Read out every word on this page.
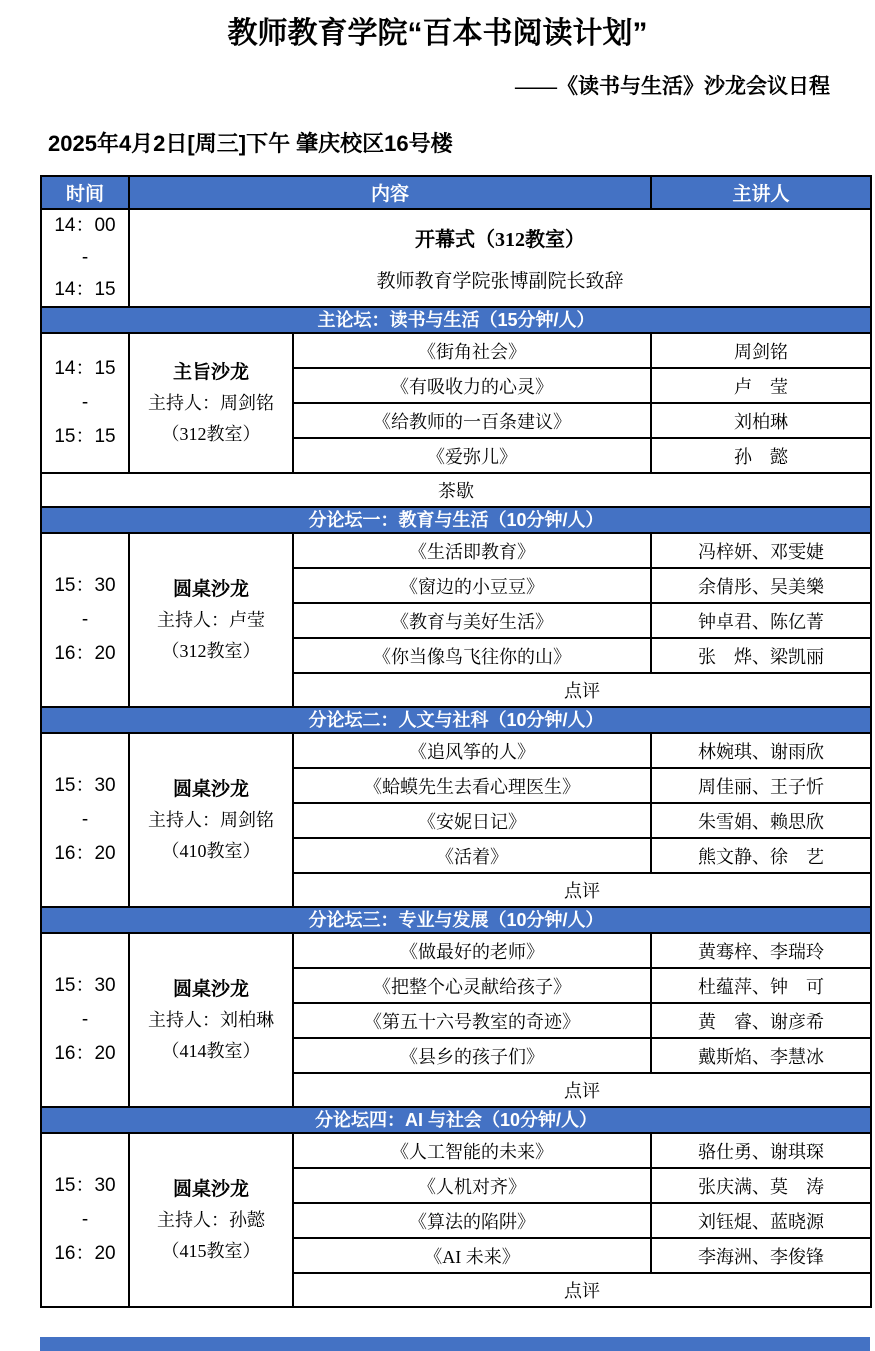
教师教育学院“百本书阅读计划”
——《读书与生活》沙龙会议日程
2025年4月2日[周三]下午 肇庆校区16号楼
时间	内容		主讲人

14：00
-
14：15

开幕式（312教室）
教师教育学院张博副院长致辞

主论坛：读书与生活（15分钟/人）			

14：15
-
15：15

主旨沙龙
主持人：周剑铭
（312教室）
	《街角社会》	周剑铭
		《有吸收力的心灵》	卢　莹
		《给教师的一百条建议》	刘柏琳
		《爱弥儿》	孙　懿
茶歇			
分论坛一：教育与生活（10分钟/人）			

15：30
-
16：20

圆桌沙龙
主持人：卢莹
（312教室）
	《生活即教育》	冯梓妍、邓雯婕
		《窗边的小豆豆》	余倩彤、吴美樂
		《教育与美好生活》	钟卓君、陈亿菁
		《你当像鸟飞往你的山》	张　烨、梁凯丽
		点评	
分论坛二：人文与社科（10分钟/人）			

15：30
-
16：20

圆桌沙龙
主持人：周剑铭
（410教室）
	《追风筝的人》	林婉琪、谢雨欣
		《蛤蟆先生去看心理医生》	周佳丽、王子忻
		《安妮日记》	朱雪娟、赖思欣
		《活着》	熊文静、徐　艺
		点评	
分论坛三：专业与发展（10分钟/人）			

15：30
-
16：20

圆桌沙龙
主持人：刘柏琳
（414教室）
	《做最好的老师》	黄骞梓、李瑞玲
		《把整个心灵献给孩子》	杜蕴萍、钟　可
		《第五十六号教室的奇迹》	黄　睿、谢彦希
		《县乡的孩子们》	戴斯焰、李慧冰
		点评	
分论坛四：AI 与社会（10分钟/人）			

15：30
-
16：20

圆桌沙龙
主持人：孙懿
（415教室）
	《人工智能的未来》	骆仕勇、谢琪琛
		《人机对齐》	张庆满、莫　涛
		《算法的陷阱》	刘钰焜、蓝晓源
		《AI 未来》	李海洲、李俊锋
		点评	
